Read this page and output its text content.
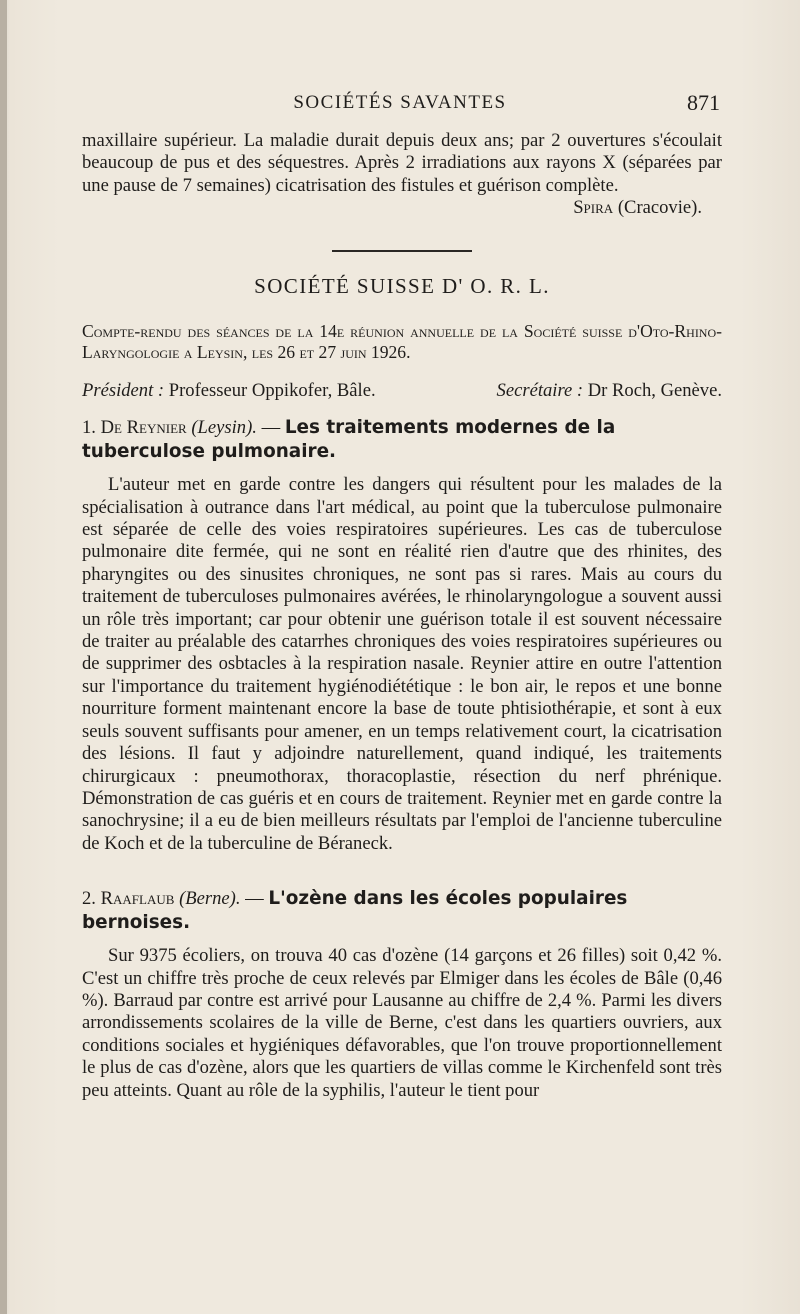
SOCIÉTÉS SAVANTES	871

maxillaire supérieur. La maladie durait depuis deux ans; par 2 ouvertures s'écoulait beaucoup de pus et des séquestres. Après 2 irradiations aux rayons X (séparées par une pause de 7 semaines) cicatrisation des fistules et guérison complète.

Spira (Cracovie).

SOCIÉTÉ SUISSE D' O. R. L.

Compte-rendu des séances de la 14e réunion annuelle de la Société suisse d'Oto-Rhino-Laryngologie a Leysin, les 26 et 27 juin 1926.

Président : Professeur Oppikofer, Bâle.	Secrétaire : Dr Roch, Genève.
1. De Reynier (Leysin). — Les traitements modernes de la tuberculose pulmonaire.

L'auteur met en garde contre les dangers qui résultent pour les malades de la spécialisation à outrance dans l'art médical, au point que la tuberculose pulmonaire est séparée de celle des voies respiratoires supérieures. Les cas de tuberculose pulmonaire dite fermée, qui ne sont en réalité rien d'autre que des rhinites, des pharyngites ou des sinusites chroniques, ne sont pas si rares. Mais au cours du traitement de tuberculoses pulmonaires avérées, le rhinolaryngologue a souvent aussi un rôle très important; car pour obtenir une guérison totale il est souvent nécessaire de traiter au préalable des catarrhes chroniques des voies respiratoires supérieures ou de supprimer des osbtacles à la respiration nasale. Reynier attire en outre l'attention sur l'importance du traitement hygiénodiététique : le bon air, le repos et une bonne nourriture forment maintenant encore la base de toute phtisiothérapie, et sont à eux seuls souvent suffisants pour amener, en un temps relativement court, la cicatrisation des lésions. Il faut y adjoindre naturellement, quand indiqué, les traitements chirurgicaux : pneumothorax, thoracoplastie, résection du nerf phrénique. Démonstration de cas guéris et en cours de traitement. Reynier met en garde contre la sanochrysine; il a eu de bien meilleurs résultats par l'emploi de l'ancienne tuberculine de Koch et de la tuberculine de Béraneck.

2. Raaflaub (Berne). — L'ozène dans les écoles populaires bernoises.

Sur 9375 écoliers, on trouva 40 cas d'ozène (14 garçons et 26 filles) soit 0,42 %. C'est un chiffre très proche de ceux relevés par Elmiger dans les écoles de Bâle (0,46 %). Barraud par contre est arrivé pour Lausanne au chiffre de 2,4 %. Parmi les divers arrondissements scolaires de la ville de Berne, c'est dans les quartiers ouvriers, aux conditions sociales et hygiéniques défavorables, que l'on trouve proportionnellement le plus de cas d'ozène, alors que les quartiers de villas comme le Kirchenfeld sont très peu atteints. Quant au rôle de la syphilis, l'auteur le tient pour
